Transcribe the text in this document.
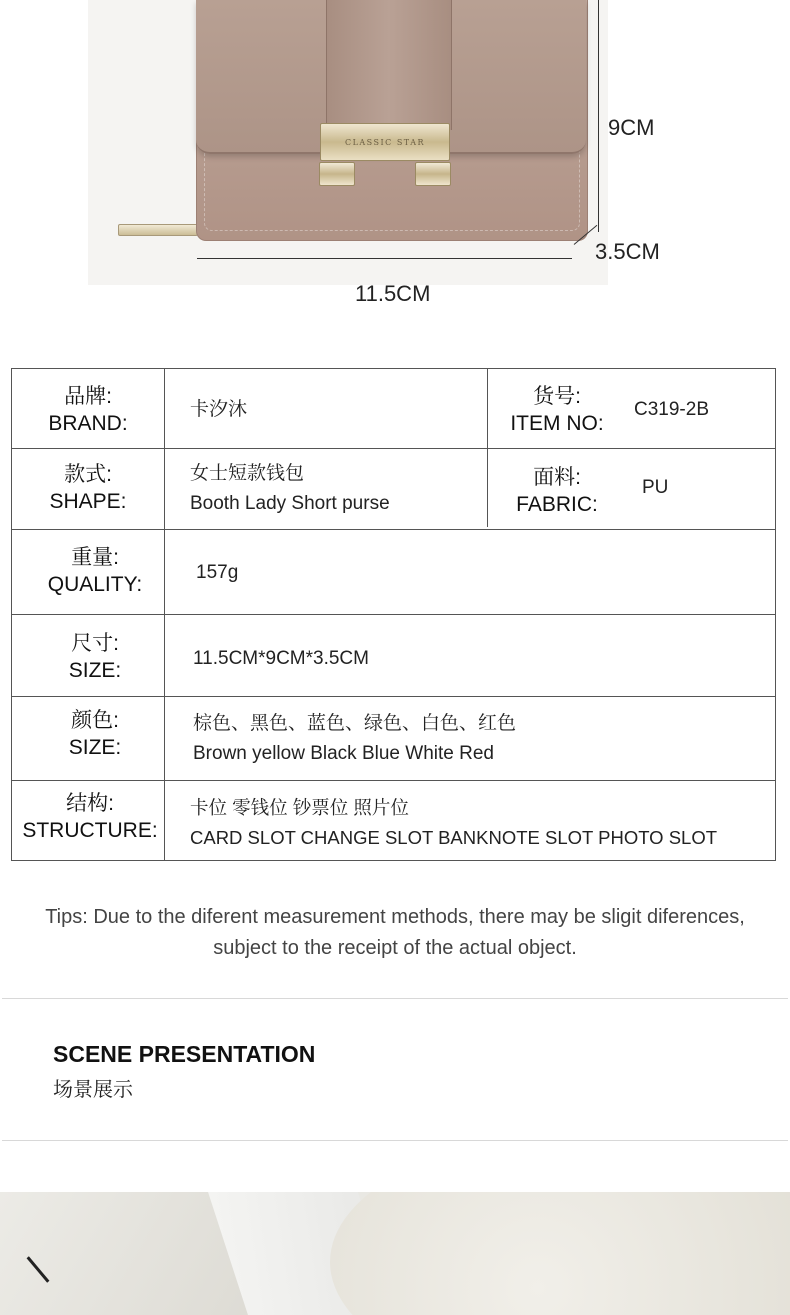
CLASSIC STAR
9CM
3.5CM
11.5CM
品牌:
BRAND:
卡汐沐
货号:
ITEM NO:
C319-2B
款式:
SHAPE:
女士短款钱包
Booth Lady Short purse
面料:
FABRIC:
PU
重量:
QUALITY:
157g
尺寸:
SIZE:
11.5CM*9CM*3.5CM
颜色:
SIZE:
棕色、黑色、蓝色、绿色、白色、红色
Brown yellow Black Blue White Red
结构:
STRUCTURE:
卡位 零钱位 钞票位 照片位
CARD SLOT CHANGE SLOT BANKNOTE SLOT PHOTO SLOT
Tips: Due to the diferent measurement methods, there may be sligit diferences,
subject to the receipt of the actual object.
SCENE PRESENTATION
场景展示
